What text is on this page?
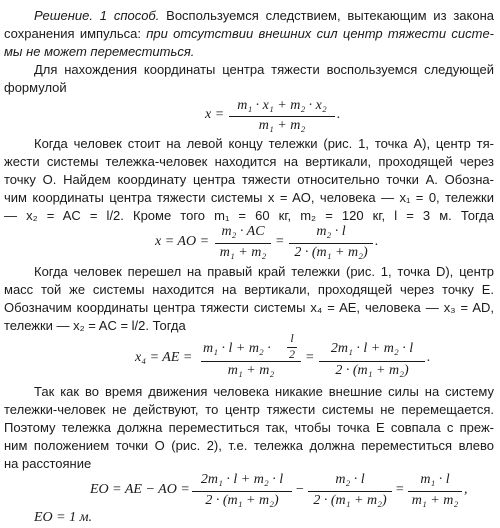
Решение. 1 способ. Воспользуемся следствием, вытекающим из закона
сохранения импульса: при отсутствии внешних сил центр тяжести систе-
мы не может переместиться.
Для нахождения координаты центра тяжести воспользуемся следующей
формулой
x =
m₁ · x₁ + m₂ · x₂
m₁ + m₂
.
Когда человек стоит на левой концу тележки (рис. 1, точка A), центр тя-
жести системы тележка-человек находится на вертикали, проходящей через
точку O. Найдем координату центра тяжести относительно точки A. Обозна-
чим координаты центра тяжести системы x = AO, человека — x₁ = 0, тележки
— x₂ = AC = l/2. Кроме того m₁ = 60 кг, m₂ = 120 кг, l = 3 м. Тогда
x = AO =
m₂ · AC
m₁ + m₂
=
m₂ · l
2 · (m₁ + m₂)
.
Когда человек перешел на правый край тележки (рис. 1, точка D), центр
масс той же системы находится на вертикали, проходящей через точку E.
Обозначим координаты центра тяжести системы x₄ = AE, человека — x₃ = AD,
тележки — x₂ = AC = l/2. Тогда
x₄ = AE =
m₁ · l + m₂ ·
l
2
m₁ + m₂
=
2m₁ · l + m₂ · l
2 · (m₁ + m₂)
.
Так как во время движения человека никакие внешние силы на систему
тележки-человек не действуют, то центр тяжести системы не перемещается.
Поэтому тележка должна переместиться так, чтобы точка E совпала с преж-
ним положением точки O (рис. 2), т.е. тележка должна переместиться влево
на расстояние
EO = AE − AO =
2m₁ · l + m₂ · l
2 · (m₁ + m₂)
−
m₂ · l
2 · (m₁ + m₂)
=
m₁ · l
m₁ + m₂
,
EO = 1 м.
